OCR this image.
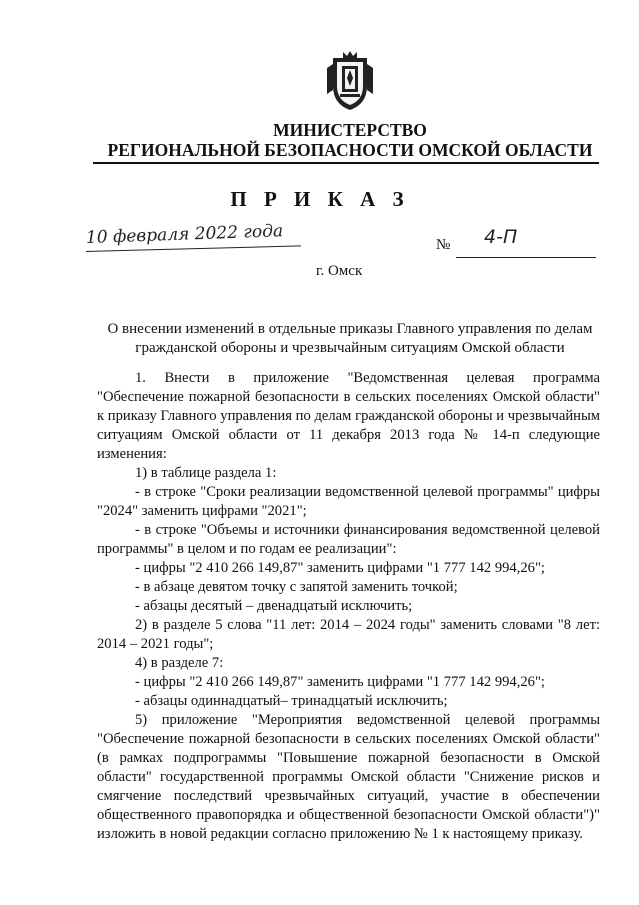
МИНИСТЕРСТВО
РЕГИОНАЛЬНОЙ БЕЗОПАСНОСТИ ОМСКОЙ ОБЛАСТИ
П Р И К А З
10 февраля 2022 года	№ 4-П
г. Омск
О внесении изменений в отдельные приказы Главного управления по делам
гражданской обороны и чрезвычайным ситуациям Омской области

1. Внести в приложение "Ведомственная целевая программа "Обеспечение пожарной безопасности в сельских поселениях Омской области" к приказу Главного управления по делам гражданской обороны и чрезвычайным ситуациям Омской области от 11 декабря 2013 года № 14-п следующие изменения:

1) в таблице раздела 1:

- в строке "Сроки реализации ведомственной целевой программы" цифры "2024" заменить цифрами "2021";

- в строке "Объемы и источники финансирования ведомственной целевой программы" в целом и по годам ее реализации":

- цифры "2 410 266 149,87" заменить цифрами "1 777 142 994,26";

- в абзаце девятом точку с запятой заменить точкой;

- абзацы десятый – двенадцатый исключить;

2) в разделе 5 слова "11 лет: 2014 – 2024 годы" заменить словами "8 лет: 2014 – 2021 годы";

4) в разделе 7:

- цифры "2 410 266 149,87" заменить цифрами "1 777 142 994,26";

- абзацы одиннадцатый– тринадцатый исключить;

5) приложение "Мероприятия ведомственной целевой программы "Обеспечение пожарной безопасности в сельских поселениях Омской области" (в рамках подпрограммы "Повышение пожарной безопасности в Омской области" государственной программы Омской области "Снижение рисков и смягчение последствий чрезвычайных ситуаций, участие в обеспечении общественного правопорядка и общественной безопасности Омской области")" изложить в новой редакции согласно приложению № 1 к настоящему приказу.
